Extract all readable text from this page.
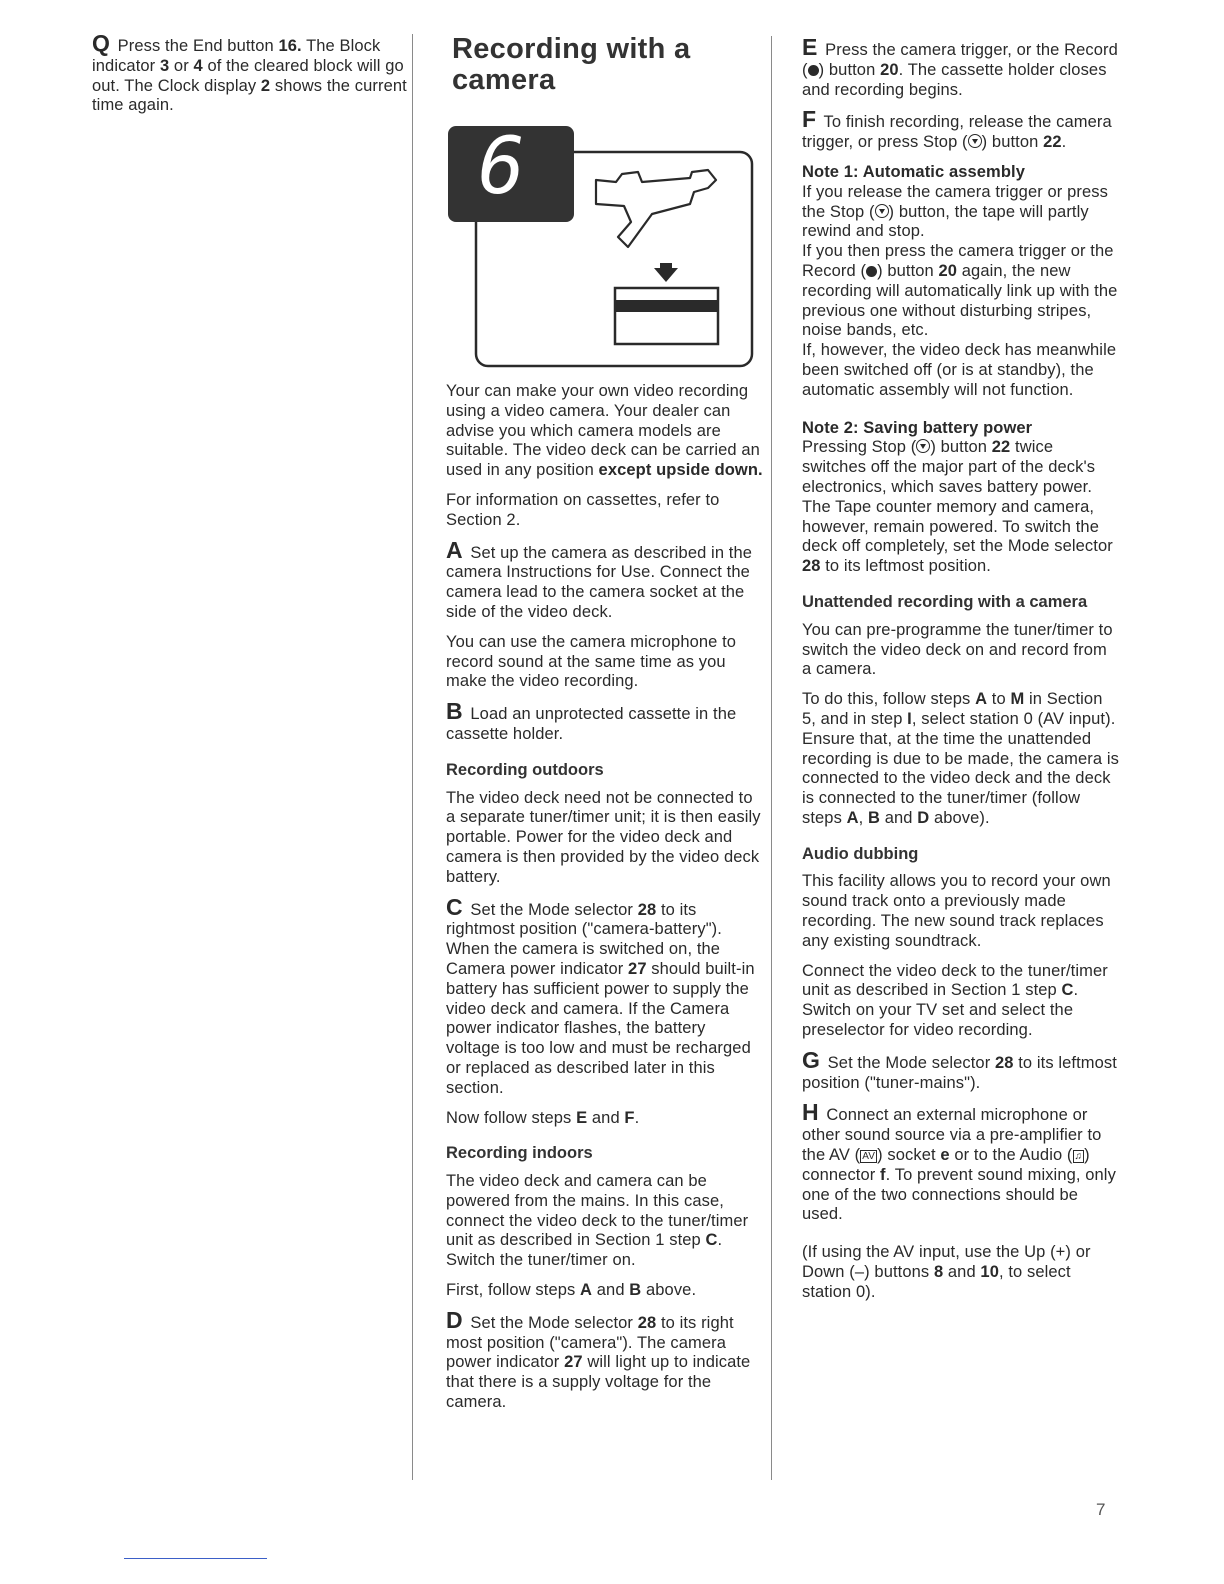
Q Press the End button 16. The Block indicator 3 or 4 of the cleared block will go out. The Clock display 2 shows the current time again.

Recording with a camera
6

Your can make your own video recording using a video camera. Your dealer can advise you which camera models are suitable. The video deck can be carried an used in any position except upside down.

For information on cassettes, refer to Section 2.

A Set up the camera as described in the camera Instructions for Use. Connect the camera lead to the camera socket at the side of the video deck.

You can use the camera microphone to record sound at the same time as you make the video recording.

B Load an unprotected cassette in the cassette holder.

Recording outdoors

The video deck need not be connected to a separate tuner/timer unit; it is then easily portable. Power for the video deck and camera is then provided by the video deck battery.

C Set the Mode selector 28 to its rightmost position ("camera-battery"). When the camera is switched on, the Camera power indicator 27 should built-in battery has sufficient power to supply the video deck and camera. If the Camera power indicator flashes, the battery voltage is too low and must be recharged or replaced as described later in this section.

Now follow steps E and F.

Recording indoors

The video deck and camera can be powered from the mains. In this case, connect the video deck to the tuner/timer unit as described in Section 1 step C. Switch the tuner/timer on.

First, follow steps A and B above.

D Set the Mode selector 28 to its right most position ("camera"). The camera power indicator 27 will light up to indicate that there is a supply voltage for the camera.

E Press the camera trigger, or the Record ( ) button 20. The cassette holder closes and recording begins.

F To finish recording, release the camera trigger, or press Stop ( ) button 22.

Note 1: Automatic assembly

If you release the camera trigger or press the Stop ( ) button, the tape will partly rewind and stop.

If you then press the camera trigger or the Record ( ) button 20 again, the new recording will automatically link up with the previous one without disturbing stripes, noise bands, etc.

If, however, the video deck has meanwhile been switched off (or is at standby), the automatic assembly will not function.

Note 2: Saving battery power

Pressing Stop ( ) button 22 twice switches off the major part of the deck's electronics, which saves battery power. The Tape counter memory and camera, however, remain powered. To switch the deck off completely, set the Mode selector 28 to its leftmost position.

Unattended recording with a camera

You can pre-programme the tuner/timer to switch the video deck on and record from a camera.

To do this, follow steps A to M in Section 5, and in step I, select station 0 (AV input). Ensure that, at the time the unattended recording is due to be made, the camera is connected to the video deck and the deck is connected to the tuner/timer (follow steps A, B and D above).

Audio dubbing

This facility allows you to record your own sound track onto a previously made recording. The new sound track replaces any existing soundtrack.

Connect the video deck to the tuner/timer unit as described in Section 1 step C. Switch on your TV set and select the preselector for video recording.

G Set the Mode selector 28 to its leftmost position ("tuner-mains").

H Connect an external microphone or other sound source via a pre-amplifier to the AV ( AV ) socket e or to the Audio ( ♫ ) connector f. To prevent sound mixing, only one of the two connections should be used.

(If using the AV input, use the Up (+) or Down (–) buttons 8 and 10, to select station 0).

7
